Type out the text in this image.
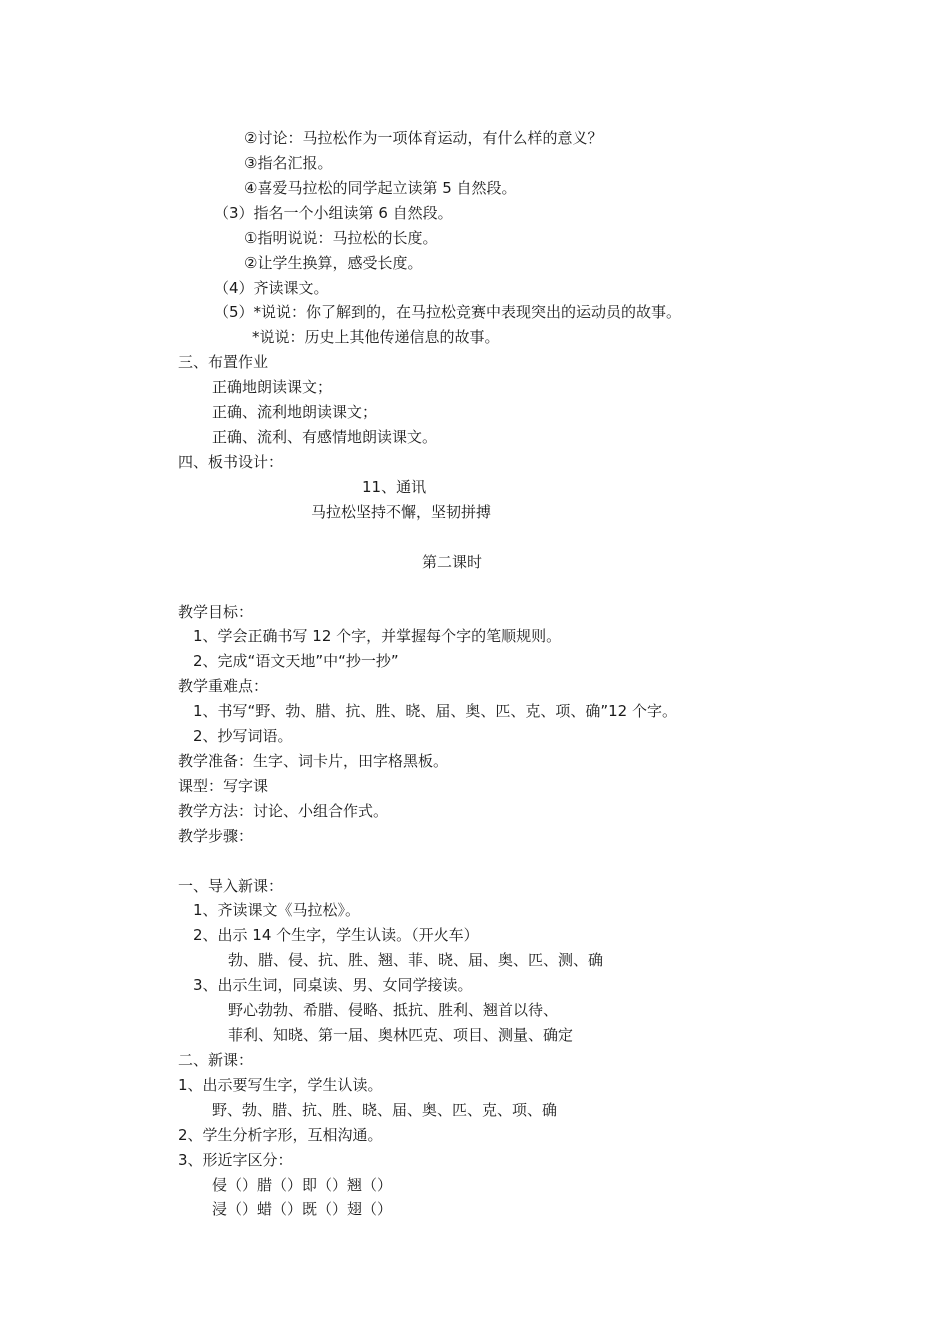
②讨论：马拉松作为一项体育运动，有什么样的意义？
③指名汇报。
④喜爱马拉松的同学起立读第 5 自然段。
（3）指名一个小组读第 6 自然段。
①指明说说：马拉松的长度。
②让学生换算，感受长度。
（4）齐读课文。
（5）*说说：你了解到的，在马拉松竞赛中表现突出的运动员的故事。
*说说：历史上其他传递信息的故事。
三、布置作业
正确地朗读课文；
正确、流利地朗读课文；
正确、流利、有感情地朗读课文。
四、板书设计：
11、通讯
马拉松坚持不懈，坚韧拼搏
第二课时
教学目标：
1、学会正确书写 12 个字，并掌握每个字的笔顺规则。
2、完成“语文天地”中“抄一抄”
教学重难点：
1、书写“野、勃、腊、抗、胜、晓、届、奥、匹、克、项、确”12 个字。
2、抄写词语。
教学准备：生字、词卡片，田字格黑板。
课型：写字课
教学方法：讨论、小组合作式。
教学步骤：
一、导入新课：
1、齐读课文《马拉松》。
2、出示 14 个生字，学生认读。（开火车）
勃、腊、侵、抗、胜、翘、菲、晓、届、奥、匹、测、确
3、出示生词，同桌读、男、女同学接读。
野心勃勃、希腊、侵略、抵抗、胜利、翘首以待、
菲利、知晓、第一届、奥林匹克、项目、测量、确定
二、新课：
1、出示要写生字，学生认读。
野、勃、腊、抗、胜、晓、届、奥、匹、克、项、确
2、学生分析字形，互相沟通。
3、形近字区分：
侵（）腊（）即（）翘（）
浸（）蜡（）既（）翅（）
